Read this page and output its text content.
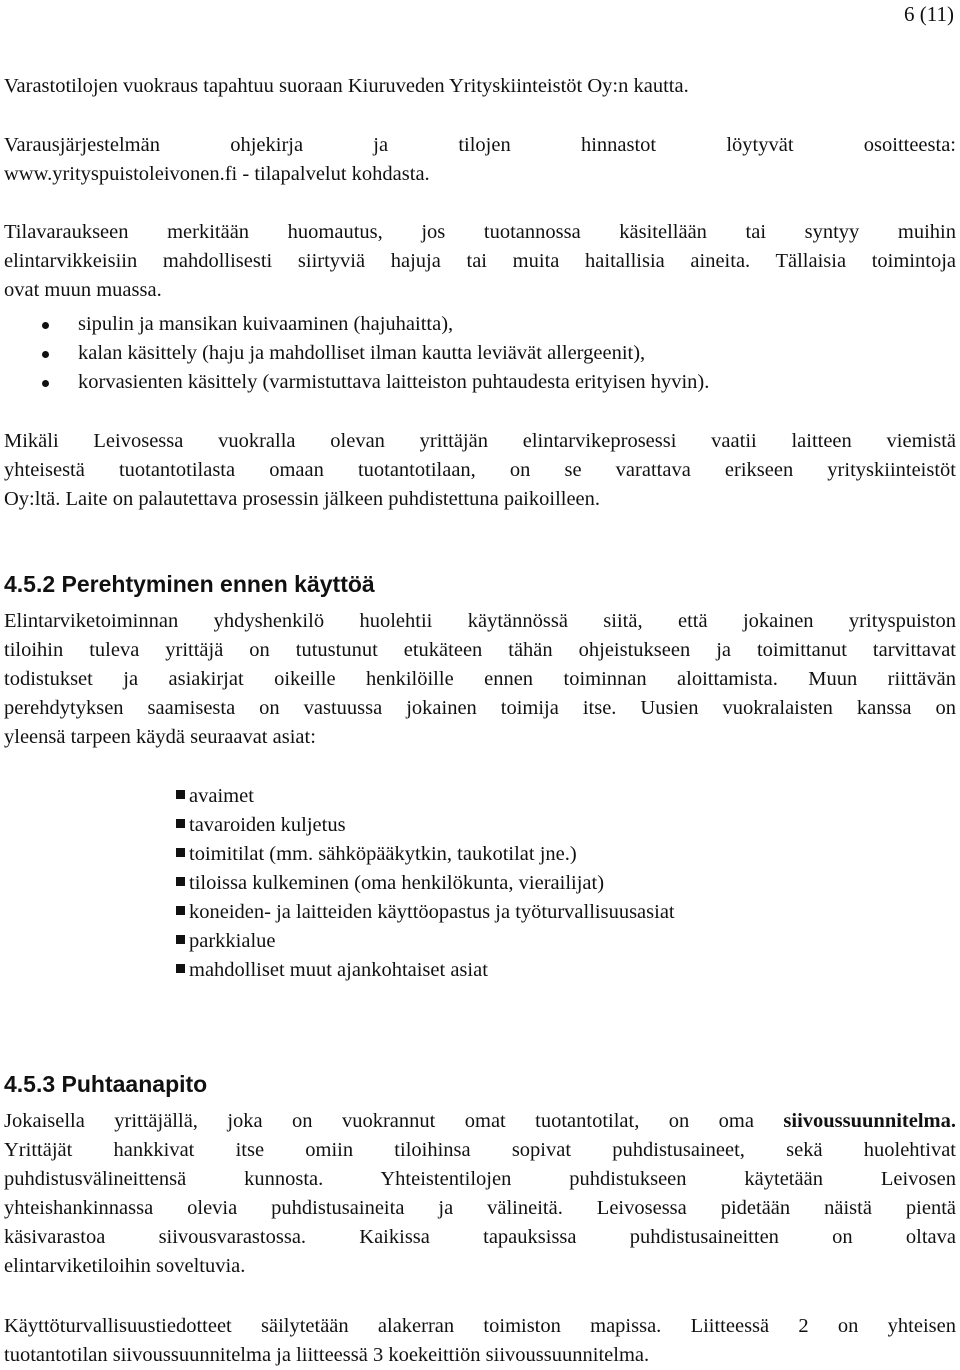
6 (11)
Varastotilojen vuokraus tapahtuu suoraan Kiuruveden Yrityskiinteistöt Oy:n kautta.
Varausjärjestelmän ohjekirja ja tilojen hinnastot löytyvät osoitteesta:
www.yrityspuistoleivonen.fi - tilapalvelut kohdasta.
Tilavaraukseen merkitään huomautus, jos tuotannossa käsitellään tai syntyy muihin
elintarvikkeisiin mahdollisesti siirtyviä hajuja tai muita haitallisia aineita. Tällaisia toimintoja
ovat muun muassa.
sipulin ja mansikan kuivaaminen (hajuhaitta),
kalan käsittely (haju ja mahdolliset ilman kautta leviävät allergeenit),
korvasienten käsittely (varmistuttava laitteiston puhtaudesta erityisen hyvin).
Mikäli Leivosessa vuokralla olevan yrittäjän elintarvikeprosessi vaatii laitteen viemistä
yhteisestä tuotantotilasta omaan tuotantotilaan, on se varattava erikseen yrityskiinteistöt
Oy:ltä. Laite on palautettava prosessin jälkeen puhdistettuna paikoilleen.
4.5.2 Perehtyminen ennen käyttöä
Elintarviketoiminnan yhdyshenkilö huolehtii käytännössä siitä, että jokainen yrityspuiston
tiloihin tuleva yrittäjä on tutustunut etukäteen tähän ohjeistukseen ja toimittanut tarvittavat
todistukset ja asiakirjat oikeille henkilöille ennen toiminnan aloittamista. Muun riittävän
perehdytyksen saamisesta on vastuussa jokainen toimija itse. Uusien vuokralaisten kanssa on
yleensä tarpeen käydä seuraavat asiat:
avaimet
tavaroiden kuljetus
toimitilat (mm. sähköpääkytkin, taukotilat jne.)
tiloissa kulkeminen (oma henkilökunta, vierailijat)
koneiden- ja laitteiden käyttöopastus ja työturvallisuusasiat
parkkialue
mahdolliset muut ajankohtaiset asiat
4.5.3 Puhtaanapito
Jokaisella yrittäjällä, joka on vuokrannut omat tuotantotilat, on oma siivoussuunnitelma.
Yrittäjät hankkivat itse omiin tiloihinsa sopivat puhdistusaineet, sekä huolehtivat
puhdistusvälineittensä kunnosta. Yhteistentilojen puhdistukseen käytetään Leivosen
yhteishankinnassa olevia puhdistusaineita ja välineitä. Leivosessa pidetään näistä pientä
käsivarastoa siivousvarastossa. Kaikissa tapauksissa puhdistusaineitten on oltava
elintarviketiloihin soveltuvia.
Käyttöturvallisuustiedotteet säilytetään alakerran toimiston mapissa. Liitteessä 2 on yhteisen
tuotantotilan siivoussuunnitelma ja liitteessä 3 koekeittiön siivoussuunnitelma.
